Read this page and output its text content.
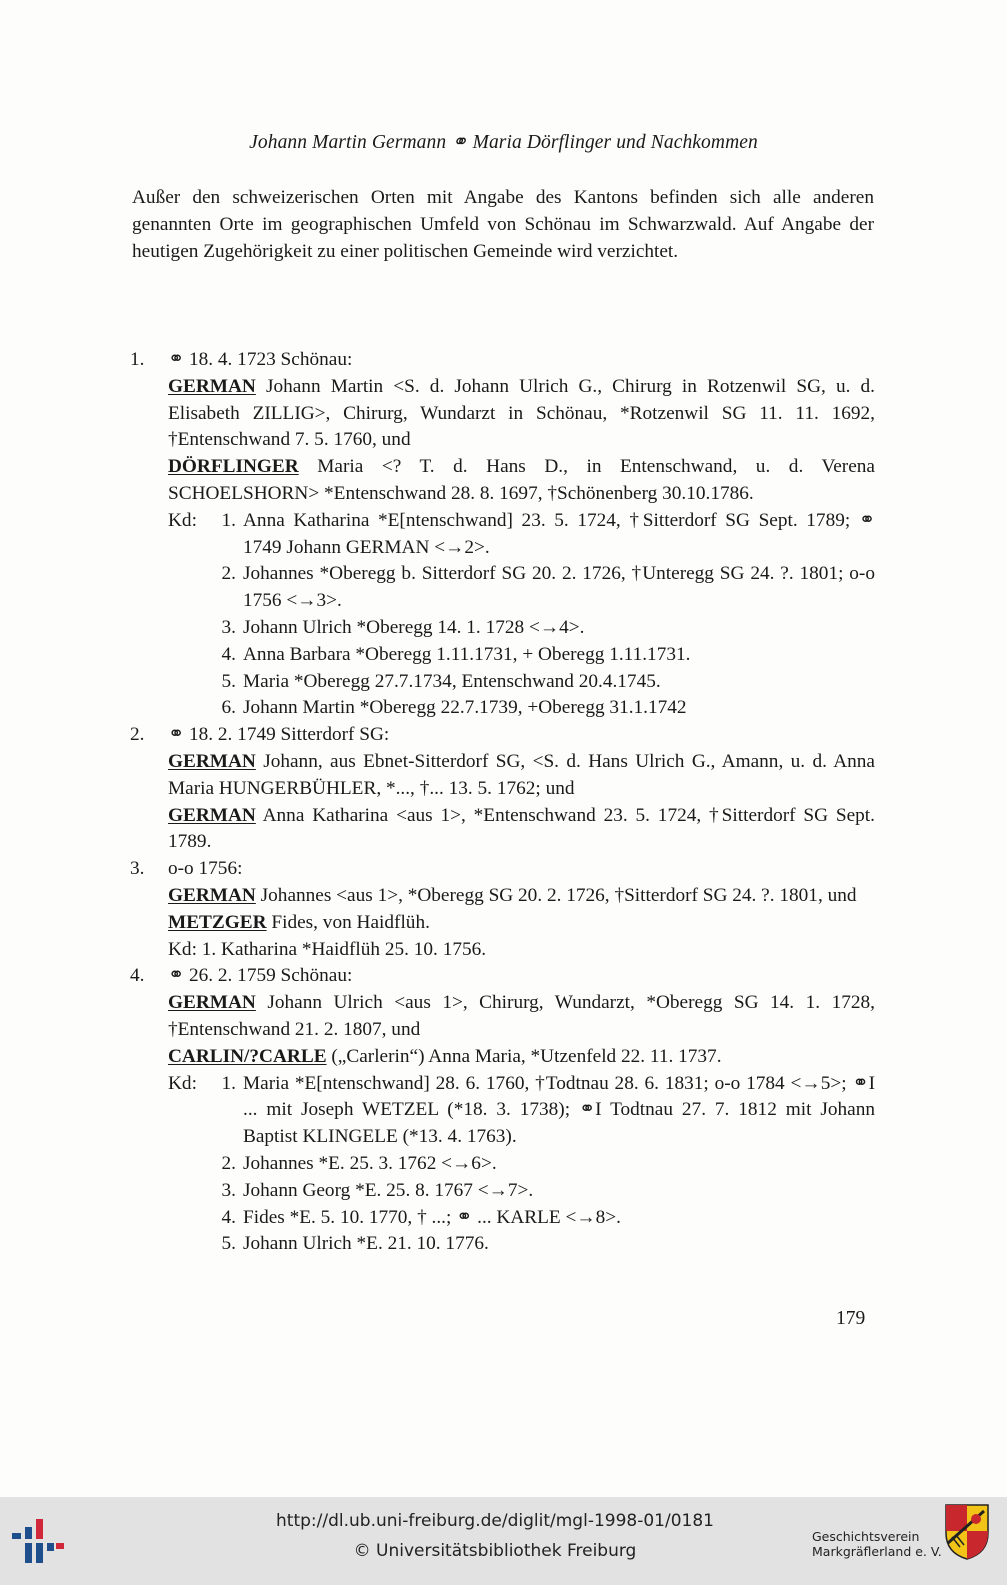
Johann Martin Germann ⚭ Maria Dörflinger und Nachkommen
Außer den schweizerischen Orten mit Angabe des Kantons befinden sich alle anderen genannten Orte im geographischen Umfeld von Schönau im Schwarzwald. Auf Angabe der heutigen Zugehörigkeit zu einer politischen Gemeinde wird verzichtet.
1.	⚭ 18. 4. 1723 Schönau:
GERMAN Johann Martin <S. d. Johann Ulrich G., Chirurg in Rotzenwil SG, u. d. Elisabeth ZILLIG>, Chirurg, Wundarzt in Schönau, *Rotzenwil SG 11. 11. 1692, †Entenschwand 7. 5. 1760, und
DÖRFLINGER Maria <? T. d. Hans D., in Entenschwand, u. d. Verena SCHOELSHORN> *Entenschwand 28. 8. 1697, †Schönenberg 30.10.1786.
Kd:	1. Anna Katharina *E[ntenschwand] 23. 5. 1724, †Sitterdorf SG Sept. 1789; ⚭ 1749 Johann GERMAN <→2>.
2. Johannes *Oberegg b. Sitterdorf SG 20. 2. 1726, †Unteregg SG 24. ?. 1801; o-o 1756 <→3>.
3. Johann Ulrich *Oberegg 14. 1. 1728 <→4>.
4. Anna Barbara *Oberegg 1.11.1731, + Oberegg 1.11.1731.
5. Maria *Oberegg 27.7.1734, Entenschwand 20.4.1745.
6. Johann Martin *Oberegg 22.7.1739, +Oberegg 31.1.1742
2.	⚭ 18. 2. 1749 Sitterdorf SG:
GERMAN Johann, aus Ebnet-Sitterdorf SG, <S. d. Hans Ulrich G., Amann, u. d. Anna Maria HUNGERBÜHLER, *..., †... 13. 5. 1762; und
GERMAN Anna Katharina <aus 1>, *Entenschwand 23. 5. 1724, †Sitterdorf SG Sept. 1789.
3.	o-o 1756:
GERMAN Johannes <aus 1>, *Oberegg SG 20. 2. 1726, †Sitterdorf SG 24. ?. 1801, und
METZGER Fides, von Haidflüh.
Kd: 1. Katharina *Haidflüh 25. 10. 1756.
4.	⚭ 26. 2. 1759 Schönau:
GERMAN Johann Ulrich <aus 1>, Chirurg, Wundarzt, *Oberegg SG 14. 1. 1728, †Entenschwand 21. 2. 1807, und
CARLIN/?CARLE („Carlerin“) Anna Maria, *Utzenfeld 22. 11. 1737.
Kd:	1. Maria *E[ntenschwand] 28. 6. 1760, †Todtnau 28. 6. 1831; o-o 1784 <→5>; ⚭I ... mit Joseph WETZEL (*18. 3. 1738); ⚭I Todtnau 27. 7. 1812 mit Johann Baptist KLINGELE (*13. 4. 1763).
2. Johannes *E. 25. 3. 1762 <→6>.
3. Johann Georg *E. 25. 8. 1767 <→7>.
4. Fides *E. 5. 10. 1770, † ...; ⚭ ... KARLE <→8>.
5. Johann Ulrich *E. 21. 10. 1776.
179
http://dl.ub.uni-freiburg.de/diglit/mgl-1998-01/0181
© Universitätsbibliothek Freiburg
Geschichtsverein
Markgräflerland e. V.
